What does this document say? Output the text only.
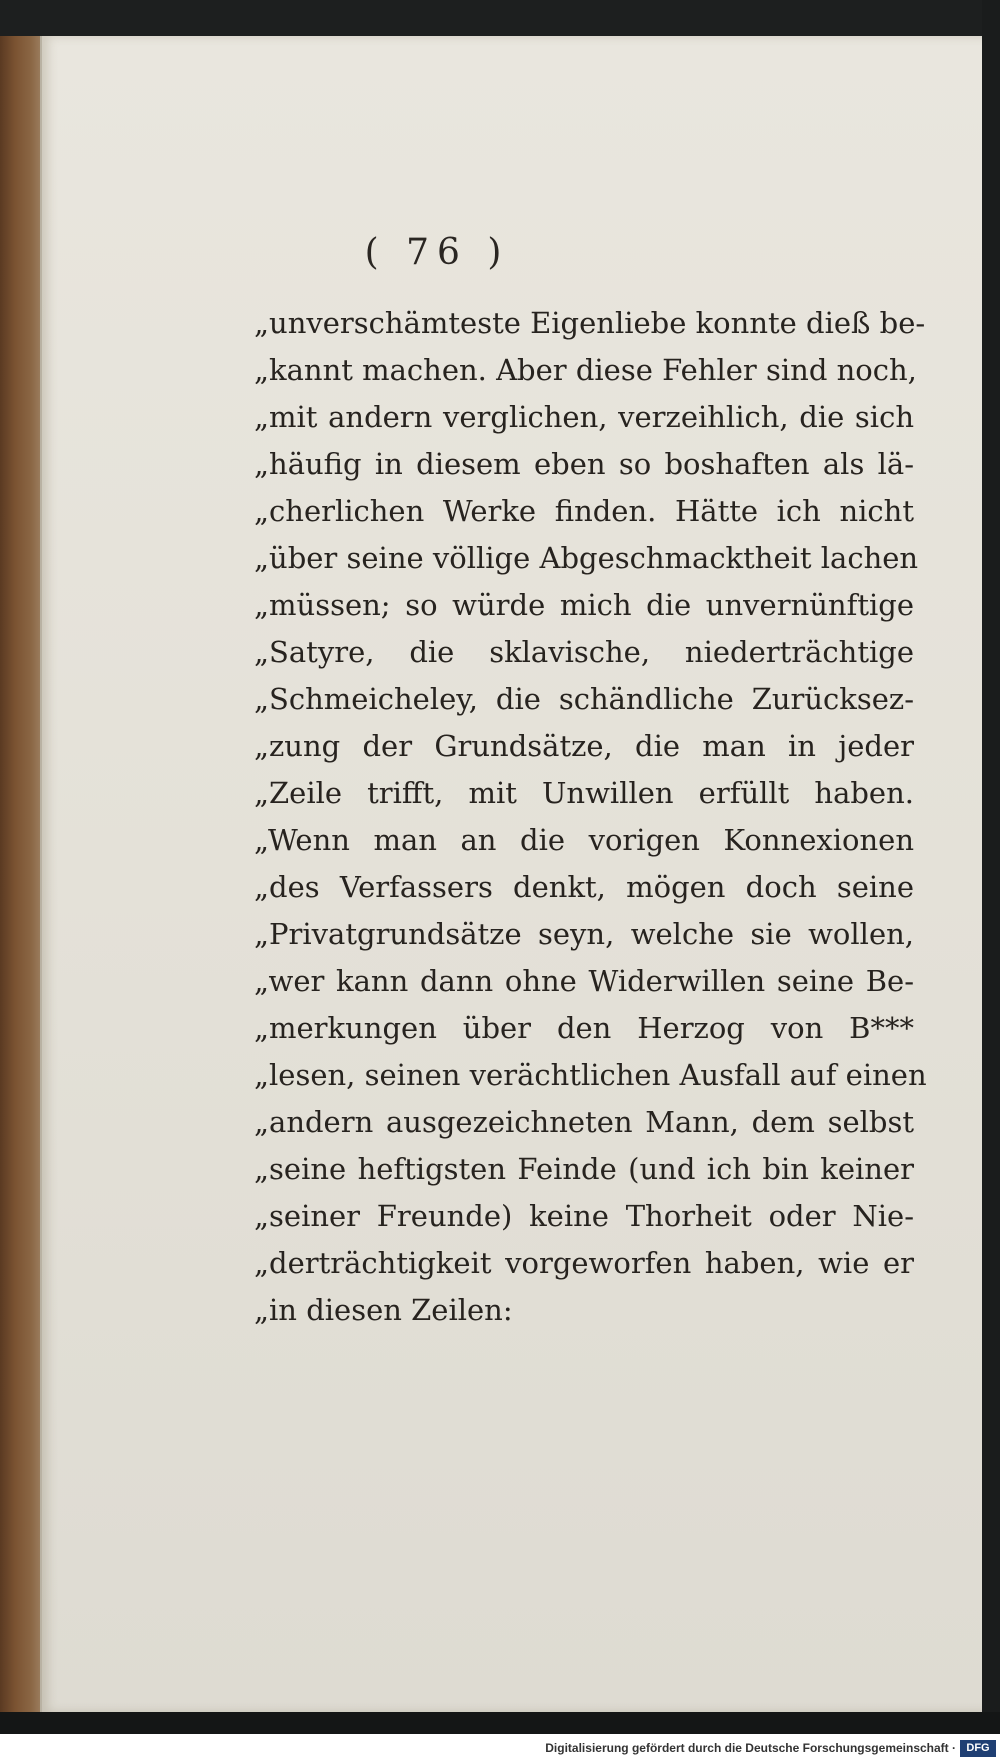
( 76 )
„unverschämteste Eigenliebe konnte dieß be-
„kannt machen. Aber diese Fehler sind noch,
„mit andern verglichen, verzeihlich, die sich
„häufig in diesem eben so boshaften als lä-
„cherlichen Werke finden. Hätte ich nicht
„über seine völlige Abgeschmacktheit lachen
„müssen; so würde mich die unvernünftige
„Satyre, die sklavische, niederträchtige
„Schmeicheley, die schändliche Zurücksez-
„zung der Grundsätze, die man in jeder
„Zeile trifft, mit Unwillen erfüllt haben.
„Wenn man an die vorigen Konnexionen
„des Verfassers denkt, mögen doch seine
„Privatgrundsätze seyn, welche sie wollen,
„wer kann dann ohne Widerwillen seine Be-
„merkungen über den Herzog von B***
„lesen, seinen verächtlichen Ausfall auf einen
„andern ausgezeichneten Mann, dem selbst
„seine heftigsten Feinde (und ich bin keiner
„seiner Freunde) keine Thorheit oder Nie-
„derträchtigkeit vorgeworfen haben, wie er
„in diesen Zeilen:
Digitalisierung gefördert durch die Deutsche Forschungsgemeinschaft · DFG
